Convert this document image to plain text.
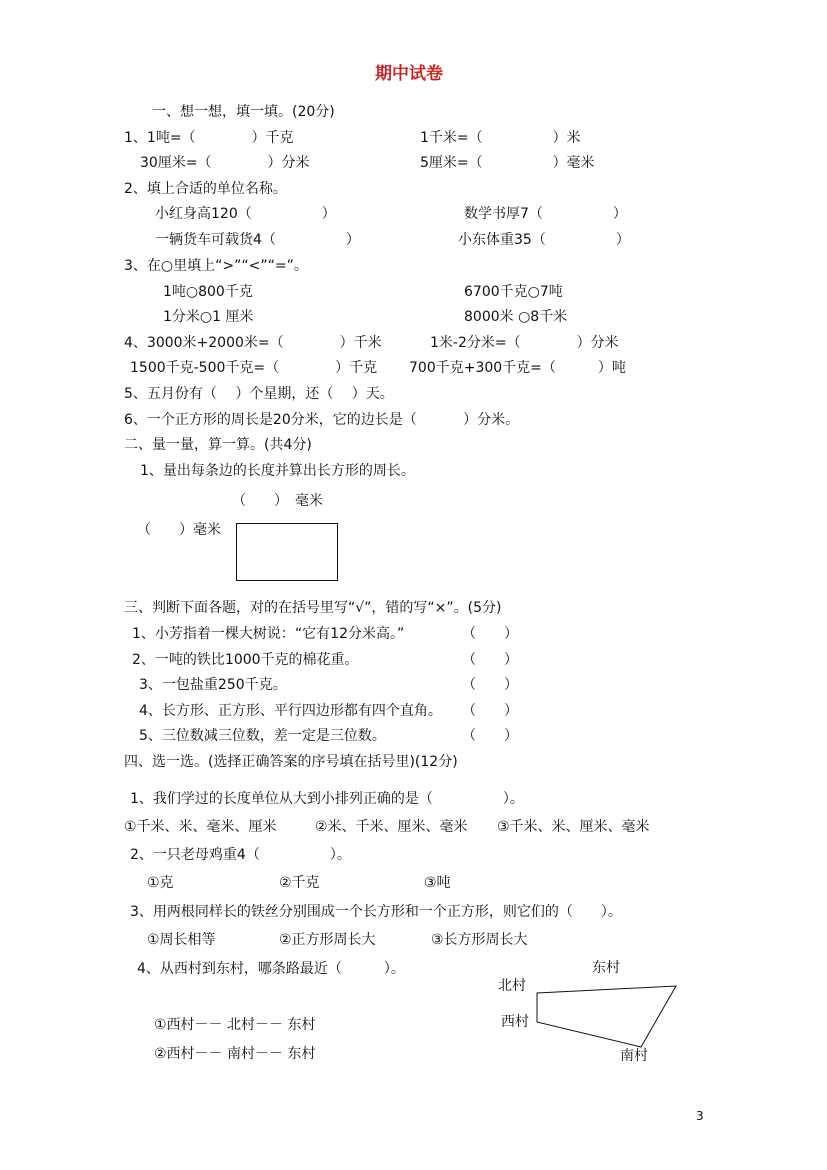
期中试卷
一、想一想，填一填。(20分)
1、1吨=（　　　　）千克	1千米=（　　　　　）米
30厘米=（　　　　）分米	5厘米=（　　　　　）毫米
2、填上合适的单位名称。
小红身高120（　　　　　）	数学书厚7（　　　　　）
一辆货车可载货4（　　　　　）	小东体重35（　　　　　）
3、在○里填上“>”“<”“=”。
1吨○800千克	6700千克○7吨
1分米○1 厘米	8000米 ○8千米
4、3000米+2000米=（　　　　）千米	1米-2分米=（　　　　）分米
1500千克-500千克=（　　　　）千克 700千克+300千克=（　　　）吨
5、五月份有（　 ）个星期，还（　 ）天。
6、一个正方形的周长是20分米，它的边长是（　　　 ）分米。
二、量一量，算一算。(共4分)
1、量出每条边的长度并算出长方形的周长。
（　　）　毫米
（　　）毫米
三、判断下面各题，对的在括号里写“√”，错的写“×”。(5分)
1、小芳指着一棵大树说：“它有12分米高。”	（　　）
2、一吨的铁比1000千克的棉花重。	（　　）
3、一包盐重250千克。	（　　）
4、长方形、正方形、平行四边形都有四个直角。 （　　）
5、三位数减三位数，差一定是三位数。	（　　）
四、选一选。(选择正确答案的序号填在括号里)(12分)
1、我们学过的长度单位从大到小排列正确的是（　　　　　）。
①千米、米、毫米、厘米	②米、千米、厘米、毫米 ③千米、米、厘米、毫米
2、一只老母鸡重4（　　　　　）。
①克	②千克	③吨
3、用两根同样长的铁丝分别围成一个长方形和一个正方形，则它们的（　　）。
①周长相等	②正方形周长大	③长方形周长大
4、从西村到东村，哪条路最近（　　　）。
①西村－－ 北村－－ 东村
②西村－－ 南村－－ 东村
东村
北村
西村
南村
3
